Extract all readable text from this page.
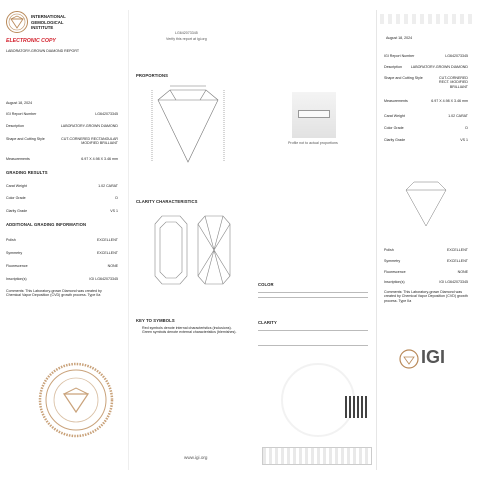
INTERNATIONAL
GEMOLOGICAL
INSTITUTE
ELECTRONIC COPY
LABORATORY-GROWN DIAMOND REPORT
August 18, 2024
IGI Report Number	LG642073345
Description	LABORATORY-GROWN DIAMOND
Shape and Cutting Style	CUT-CORNERED RECTANGULAR MODIFIED BRILLIANT
Measurements	6.97 X 4.98 X 3.46 mm
GRADING RESULTS
Carat Weight	1.02 CARAT
Color Grade	D
Clarity Grade	VS 1
ADDITIONAL GRADING INFORMATION
Polish	EXCELLENT
Symmetry	EXCELLENT
Fluorescence	NONE
Inscription(s)	IGI LG642073345
Comments: This Laboratory-grown Diamond was created by Chemical Vapor Deposition (CVD) growth process. Type IIa
LG642073345
Verify this report at igi.org
PROPORTIONS
Profile not to actual proportions
CLARITY CHARACTERISTICS
KEY TO SYMBOLS
Red symbols denote internal characteristics (inclusions). Green symbols denote external characteristics (blemishes).
www.igi.org
COLOR
CLARITY
August 18, 2024
IGI Report Number	LG642073345
Description LABORATORY-GROWN DIAMOND
Shape and Cutting Style	CUT-CORNERED RECT. MODIFIED BRILLIANT
Measurements	6.97 X 4.98 X 3.46 mm
Carat Weight	1.02 CARAT
Color Grade	D
Clarity Grade	VS 1
Polish	EXCELLENT
Symmetry	EXCELLENT
Fluorescence	NONE
Inscription(s)	IGI LG642073345
Comments: This Laboratory-grown Diamond was created by Chemical Vapor Deposition (CVD) growth process. Type IIa
IGI
